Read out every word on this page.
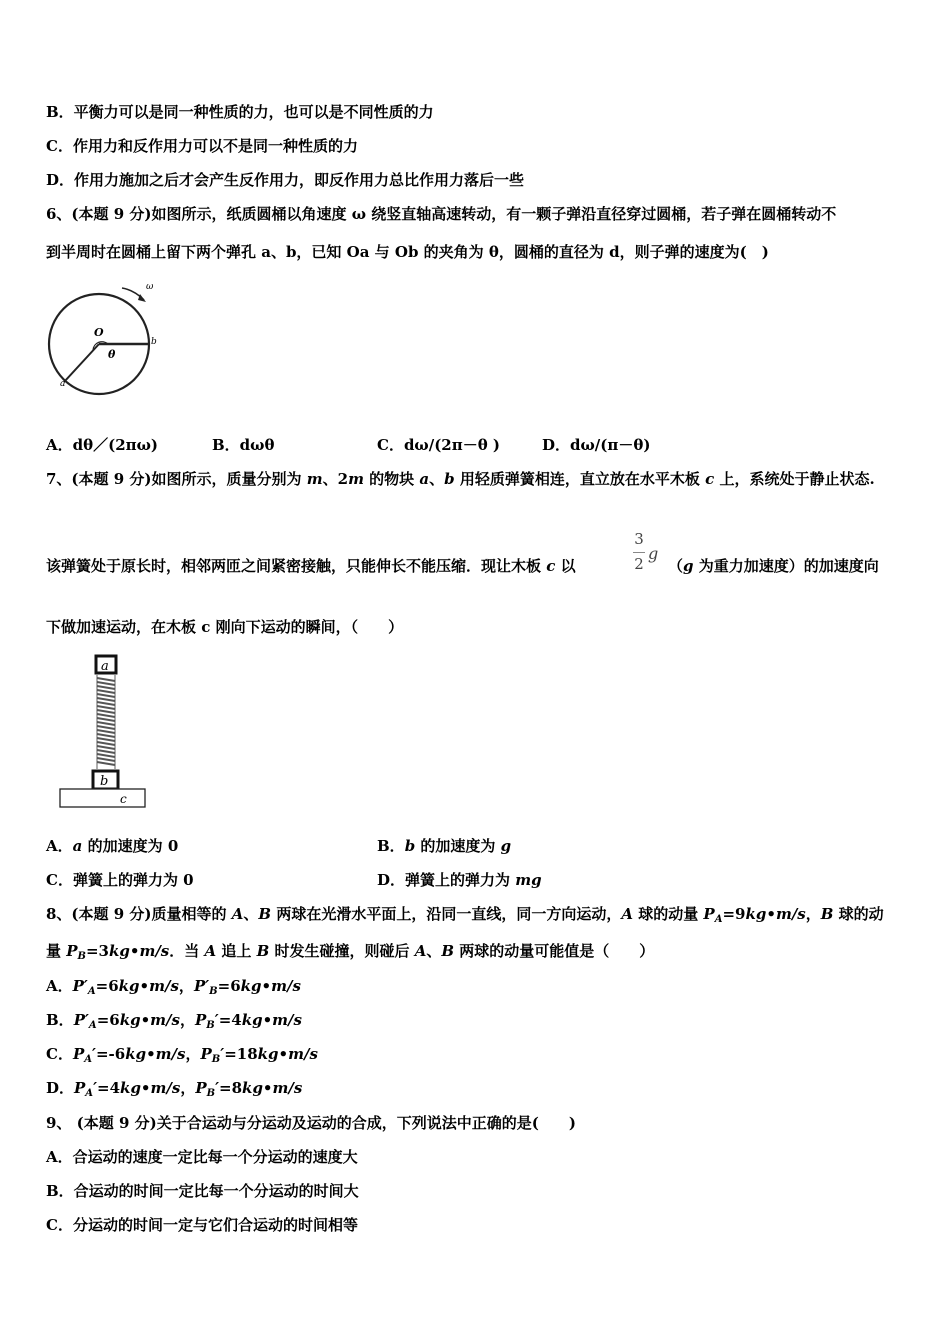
B．平衡力可以是同一种性质的力，也可以是不同性质的力
C．作用力和反作用力可以不是同一种性质的力
D．作用力施加之后才会产生反作用力，即反作用力总比作用力落后一些
6、(本题 9 分)如图所示，纸质圆桶以角速度 ω 绕竖直轴高速转动，有一颗子弹沿直径穿过圆桶，若子弹在圆桶转动不
到半周时在圆桶上留下两个弹孔 a、b，已知 Oa 与 Ob 的夹角为 θ，圆桶的直径为 d，则子弹的速度为(　)
ω
O
θ
a
b
A．dθ／(2πω)	B．dωθ	C．dω/(2π－θ )	D．dω/(π－θ)
7、(本题 9 分)如图所示，质量分别为 m、2m 的物块 a、b 用轻质弹簧相连，直立放在水平木板 c 上，系统处于静止状态.
该弹簧处于原长时，相邻两匝之间紧密接触，只能伸长不能压缩．现让木板 c 以
3
2
g
（g 为重力加速度）的加速度向
下做加速运动，在木板 c 刚向下运动的瞬间，（　　）
a
b
c
A．a 的加速度为 0	B．b 的加速度为 g
C．弹簧上的弹力为 0	D．弹簧上的弹力为 mg
8、(本题 9 分)质量相等的 A、B 两球在光滑水平面上，沿同一直线，同一方向运动，A 球的动量 $P_A=9kg•m/s$，B 球的动
量 $P_B=3kg•m/s$．当 A 追上 B 时发生碰撞，则碰后 A、B 两球的动量可能值是（　　）
A．$P'_A=6kg•m/s$，$P'_B=6kg•m/s$
B．$P'_A=6kg•m/s$，$P_B'=4kg•m/s$
C．$P_A'=-6kg•m/s$，$P_B'=18kg•m/s$
D．$P_A'=4kg•m/s$，$P_B'=8kg•m/s$
9、 (本题 9 分)关于合运动与分运动及运动的合成，下列说法中正确的是(　　)
A．合运动的速度一定比每一个分运动的速度大
B．合运动的时间一定比每一个分运动的时间大
C．分运动的时间一定与它们合运动的时间相等
